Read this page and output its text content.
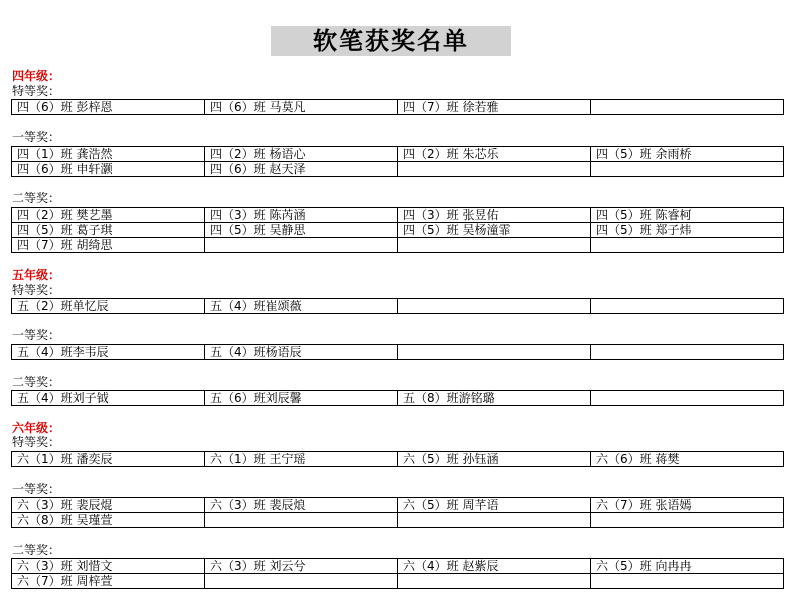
软笔获奖名单
四年级：
特等奖：
四（6）班 彭梓恩	四（6）班 马莫凡	四（7）班 徐若雅	
一等奖：
四（1）班 龚浩然	四（2）班 杨语心	四（2）班 朱芯乐	四（5）班 余雨桥
四（6）班 申轩灏	四（6）班 赵天泽		
二等奖：
四（2）班 樊艺墨	四（3）班 陈芮涵	四（3）班 张昱佑	四（5）班 陈睿柯
四（5）班 葛子琪	四（5）班 吴静思	四（5）班 吴杨潼霏	四（5）班 郑子炜
四（7）班 胡绮思			
五年级：
特等奖：
五（2）班单忆辰	五（4）班崔颂薇		
一等奖：
五（4）班李韦辰	五（4）班杨语辰		
二等奖：
五（4）班刘子钺	五（6）班刘辰馨	五（8）班游铭璐	
六年级：
特等奖：
六（1）班 潘奕辰	六（1）班 王宁瑶	六（5）班 孙钰涵	六（6）班 蒋樊
一等奖：
六（3）班 裴辰焜	六（3）班 裴辰烺	六（5）班 周芊语	六（7）班 张语嫣
六（8）班 吴瑾萱			
二等奖：
六（3）班 刘惜文	六（3）班 刘云兮	六（4）班 赵紫辰	六（5）班 向冉冉
六（7）班 周梓萱			
